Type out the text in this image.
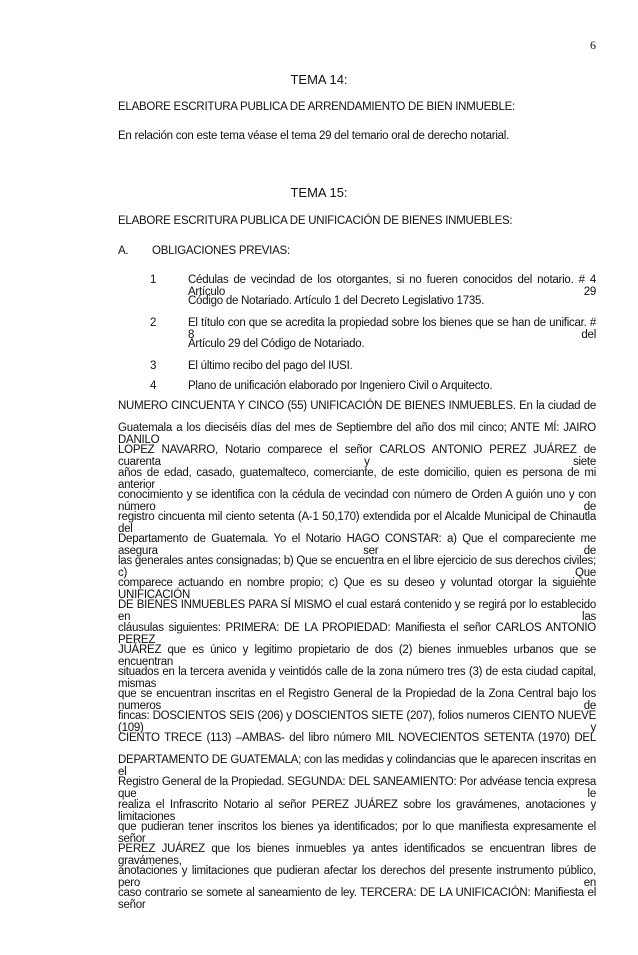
6
TEMA 14:
ELABORE ESCRITURA PUBLICA DE ARRENDAMIENTO DE BIEN INMUEBLE:
En relación con este tema véase el tema 29 del temario oral de derecho notarial.
TEMA 15:
ELABORE ESCRITURA PUBLICA DE UNIFICACIÓN DE BIENES INMUEBLES:
A. OBLIGACIONES PREVIAS:
1	Cédulas de vecindad de los otorgantes, si no fueren conocidos del notario. # 4 Artículo 29
Código de Notariado. Artículo 1 del Decreto Legislativo 1735.
2	El título con que se acredita la propiedad sobre los bienes que se han de unificar. # 8 del
Artículo 29 del Código de Notariado.
3	El último recibo del pago del IUSI.
4	Plano de unificación elaborado por Ingeniero Civil o Arquitecto.
NUMERO CINCUENTA Y CINCO (55) UNIFICACIÓN DE BIENES INMUEBLES. En la ciudad de
Guatemala a los dieciséis días del mes de Septiembre del año dos mil cinco; ANTE MÍ: JAIRO DANILO
LOPEZ NAVARRO, Notario comparece el señor CARLOS ANTONIO PEREZ JUÁREZ de cuarenta y siete
años de edad, casado, guatemalteco, comerciante, de este domicilio, quien es persona de mi anterior
conocimiento y se identifica con la cédula de vecindad con número de Orden A guión uno y con número de
registro cincuenta mil ciento setenta (A-1 50,170) extendida por el Alcalde Municipal de Chinautla del
Departamento de Guatemala. Yo el Notario HAGO CONSTAR: a) Que el compareciente me asegura ser de
las generales antes consignadas; b) Que se encuentra en el libre ejercicio de sus derechos civiles; c) Que
comparece actuando en nombre propio; c) Que es su deseo y voluntad otorgar la siguiente UNIFICACIÓN
DE BIENES INMUEBLES PARA SÍ MISMO el cual estará contenido y se regirá por lo establecido en las
cláusulas siguientes: PRIMERA: DE LA PROPIEDAD: Manifiesta el señor CARLOS ANTONIO PEREZ
JUÁREZ que es único y legitimo propietario de dos (2) bienes inmuebles urbanos que se encuentran
situados en la tercera avenida y veintidós calle de la zona número tres (3) de esta ciudad capital, mismas
que se encuentran inscritas en el Registro General de la Propiedad de la Zona Central bajo los numeros de
fincas: DOSCIENTOS SEIS (206) y DOSCIENTOS SIETE (207), folios numeros CIENTO NUEVE (109) y
CIENTO TRECE (113) –AMBAS- del libro número MIL NOVECIENTOS SETENTA (1970) DEL
DEPARTAMENTO DE GUATEMALA; con las medidas y colindancias que le aparecen inscritas en el
Registro General de la Propiedad. SEGUNDA: DEL SANEAMIENTO: Por advéase tencia expresa que le
realiza el Infrascrito Notario al señor PEREZ JUÁREZ sobre los gravámenes, anotaciones y limitaciones
que pudieran tener inscritos los bienes ya identificados; por lo que manifiesta expresamente el señor
PEREZ JUÁREZ que los bienes inmuebles ya antes identificados se encuentran libres de gravámenes,
anotaciones y limitaciones que pudieran afectar los derechos del presente instrumento público, pero en
caso contrario se somete al saneamiento de ley. TERCERA: DE LA UNIFICACIÓN: Manifiesta el señor
